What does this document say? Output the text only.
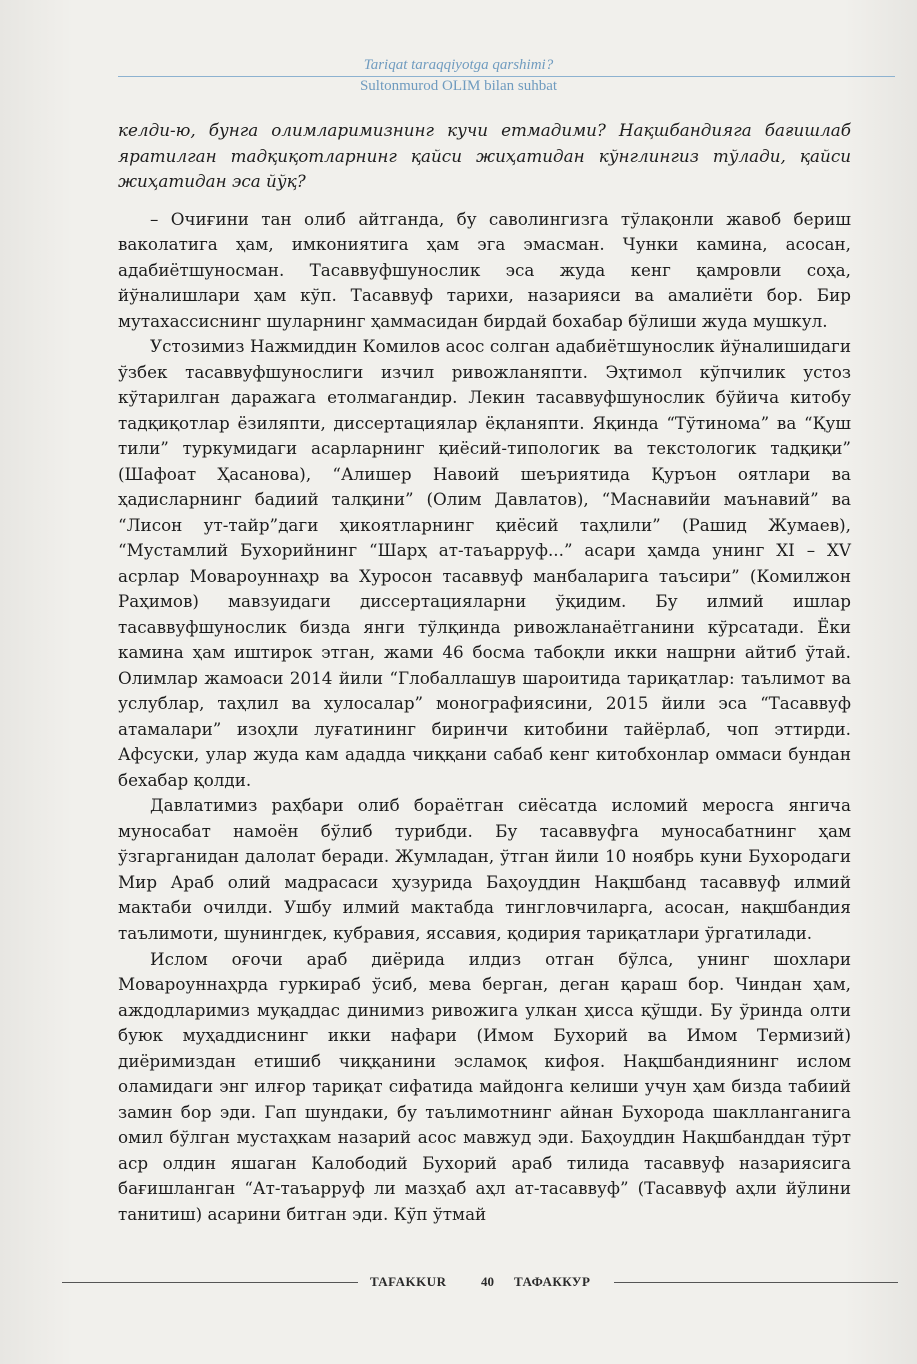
Tariqat taraqqiyotga qarshimi?
Sultonmurod OLIM bilan suhbat

келди-ю, бунга олимларимизнинг кучи етмадими? Нақшбандияга бағишлаб яратилган тадқиқотларнинг қайси жиҳатидан кўнглингиз тўлади, қайси жиҳатидан эса йўқ?

– Очиғини тан олиб айтганда, бу саволингизга тўлақонли жавоб бериш ваколатига ҳам, имкониятига ҳам эга эмасман. Чунки камина, асосан, адабиётшуносман. Тасаввуфшунослик эса жуда кенг қамровли соҳа, йўналишлари ҳам кўп. Тасаввуф тарихи, назарияси ва амалиёти бор. Бир мутахассиснинг шуларнинг ҳаммасидан бирдай бохабар бўлиши жуда мушкул.

Устозимиз Нажмиддин Комилов асос солган адабиётшунослик йўналишидаги ўзбек тасаввуфшунослиги изчил ривожланяпти. Эҳтимол кўпчилик устоз кўтарилган даражага етолмагандир. Лекин тасаввуфшунослик бўйича китобу тадқиқотлар ёзиляпти, диссертациялар ёқланяпти. Яқинда “Тўтинома” ва “Қуш тили” туркумидаги асарларнинг қиёсий-типологик ва текстологик тадқиқи” (Шафоат Ҳасанова), “Алишер Навоий шеъриятида Қуръон оятлари ва ҳадисларнинг бадиий талқини” (Олим Давлатов), “Маснавийи маънавий” ва “Лисон ут-тайр”даги ҳикоятларнинг қиёсий таҳлили” (Рашид Жумаев), “Мустамлий Бухорийнинг “Шарҳ ат-таъарруф...” асари ҳамда унинг XI – XV асрлар Мовароуннаҳр ва Хуросон тасаввуф манбаларига таъсири” (Комилжон Раҳимов) мавзуидаги диссертацияларни ўқидим. Бу илмий ишлар тасаввуфшунослик бизда янги тўлқинда ривожланаётганини кўрсатади. Ёки камина ҳам иштирок этган, жами 46 босма табоқли икки нашрни айтиб ўтай. Олимлар жамоаси 2014 йили “Глобаллашув шароитида тариқатлар: таълимот ва услублар, таҳлил ва хулосалар” монографиясини, 2015 йили эса “Тасаввуф атамалари” изоҳли луғатининг биринчи китобини тайёрлаб, чоп эттирди. Афсуски, улар жуда кам ададда чиққани сабаб кенг китобхонлар оммаси бундан бехабар қолди.

Давлатимиз раҳбари олиб бораётган сиёсатда исломий меросга янгича муносабат намоён бўлиб турибди. Бу тасаввуфга муносабатнинг ҳам ўзгарганидан далолат беради. Жумладан, ўтган йили 10 ноябрь куни Бухородаги Мир Араб олий мадрасаси ҳузурида Баҳоуддин Нақшбанд тасаввуф илмий мактаби очилди. Ушбу илмий мактабда тингловчиларга, асосан, нақшбандия таълимоти, шунингдек, кубравия, яссавия, қодирия тариқатлари ўргатилади.

Ислом оғочи араб диёрида илдиз отган бўлса, унинг шохлари Мовароуннаҳрда гуркираб ўсиб, мева берган, деган қараш бор. Чиндан ҳам, аждодларимиз муқаддас динимиз ривожига улкан ҳисса қўшди. Бу ўринда олти буюк муҳаддиснинг икки нафари (Имом Бухорий ва Имом Термизий) диёримиздан етишиб чиққанини эсламоқ кифоя. Нақшбандиянинг ислом оламидаги энг илғор тариқат сифатида майдонга келиши учун ҳам бизда табиий замин бор эди. Гап шундаки, бу таълимотнинг айнан Бухорода шаклланганига омил бўлган мустаҳкам назарий асос мавжуд эди. Баҳоуддин Нақшбанддан тўрт аср олдин яшаган Калободий Бухорий араб тилида тасаввуф назариясига бағишланган “Ат-таъарруф ли мазҳаб аҳл ат-тасаввуф” (Тасаввуф аҳли йўлини танитиш) асарини битган эди. Кўп ўтмай

TAFAKKUR	40 ТАФАККУР
